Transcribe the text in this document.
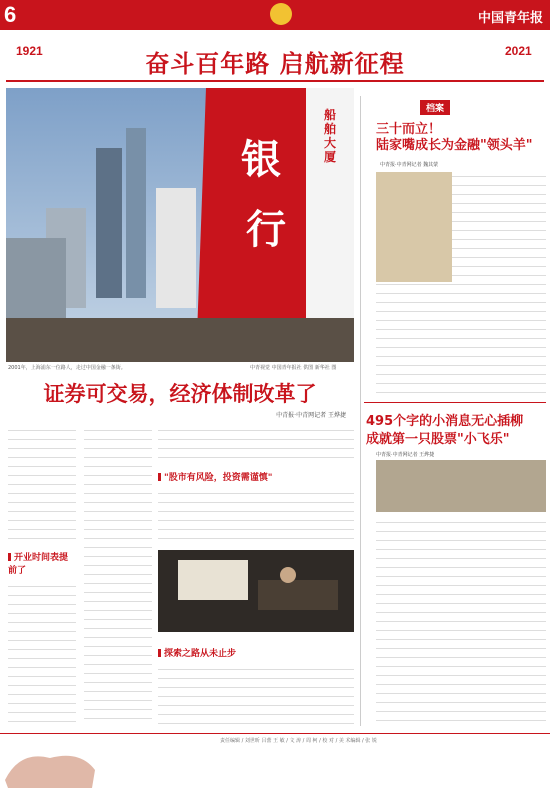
6	中国青年报
1921	2021
奋斗百年路 启航新征程
银
行
船舶大厦
2001年，上海浦东一位路人，走过中国金融一条街。	中青视觉 中国青年报社 供图 新华社 图
证券可交易，经济体制改革了
中青报·中青网记者 王烨捷
开业时间表提前了
"股市有风险，投资需谨慎"
探索之路从未止步
档案
三十而立！
陆家嘴成长为金融"领头羊"
中青报·中青网记者 魏其蒙
495个字的小消息无心插柳
成就第一只股票"小飞乐"
中青报·中青网记者 王烨捷
责任编辑 / 刘世昕 吕蕾 王 敏 / 文 涛 / 周 柯 / 校 对 / 美 术编辑 / 张 锐
